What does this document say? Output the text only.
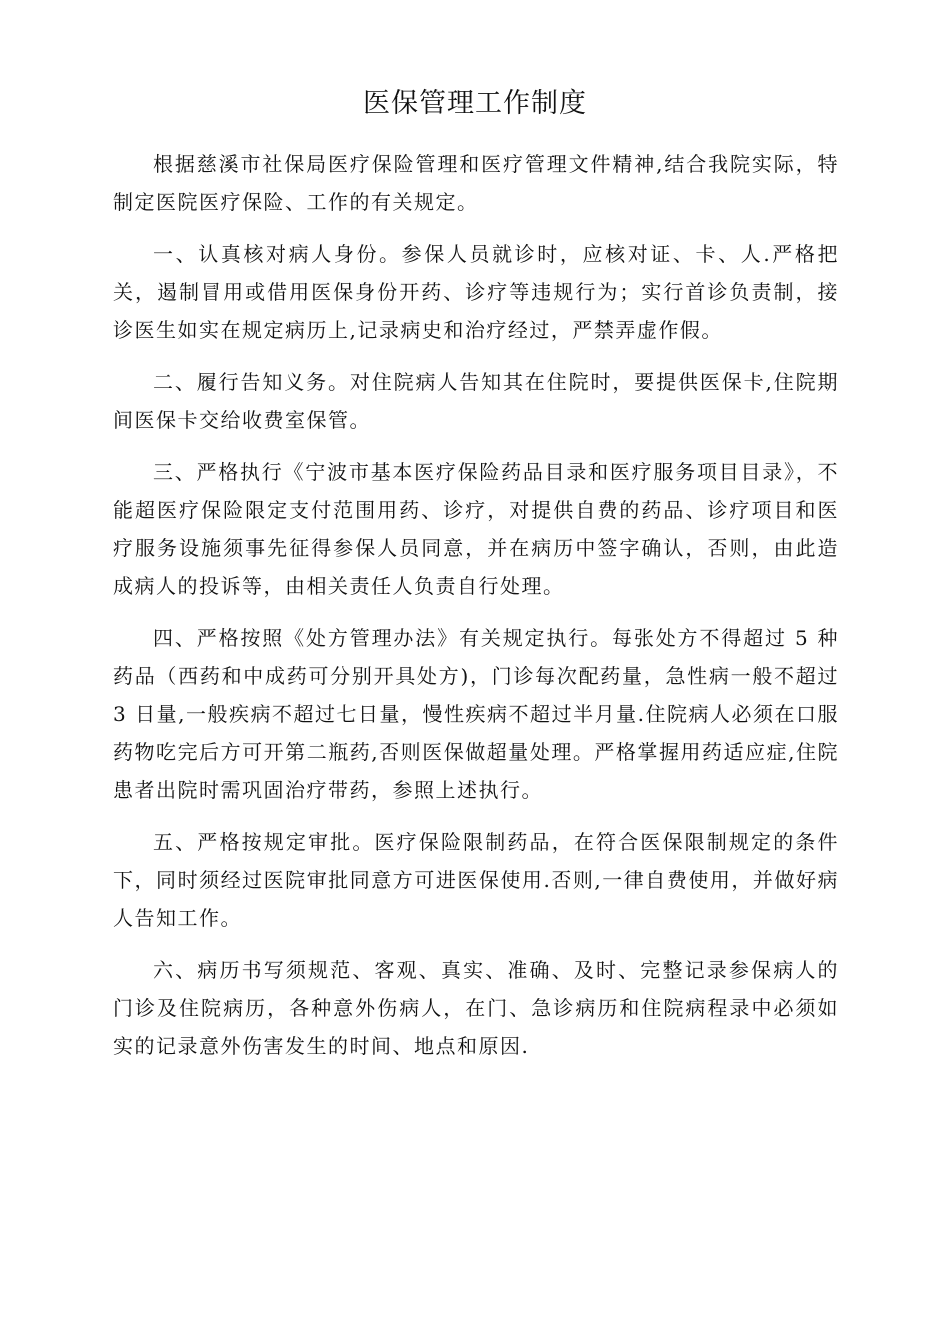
医保管理工作制度

根据慈溪市社保局医疗保险管理和医疗管理文件精神,结合我院实际，特制定医院医疗保险、工作的有关规定。

一、认真核对病人身份。参保人员就诊时，应核对证、卡、人.严格把关，遏制冒用或借用医保身份开药、诊疗等违规行为；实行首诊负责制，接诊医生如实在规定病历上,记录病史和治疗经过，严禁弄虚作假。

二、履行告知义务。对住院病人告知其在住院时，要提供医保卡,住院期间医保卡交给收费室保管。

三、严格执行《宁波市基本医疗保险药品目录和医疗服务项目目录》，不能超医疗保险限定支付范围用药、诊疗，对提供自费的药品、诊疗项目和医疗服务设施须事先征得参保人员同意，并在病历中签字确认，否则，由此造成病人的投诉等，由相关责任人负责自行处理。

四、严格按照《处方管理办法》有关规定执行。每张处方不得超过 5 种药品（西药和中成药可分别开具处方)，门诊每次配药量，急性病一般不超过 3 日量,一般疾病不超过七日量，慢性疾病不超过半月量.住院病人必须在口服药物吃完后方可开第二瓶药,否则医保做超量处理。严格掌握用药适应症,住院患者出院时需巩固治疗带药，参照上述执行。

五、严格按规定审批。医疗保险限制药品，在符合医保限制规定的条件下，同时须经过医院审批同意方可进医保使用.否则,一律自费使用，并做好病人告知工作。

六、病历书写须规范、客观、真实、准确、及时、完整记录参保病人的门诊及住院病历，各种意外伤病人，在门、急诊病历和住院病程录中必须如实的记录意外伤害发生的时间、地点和原因.
